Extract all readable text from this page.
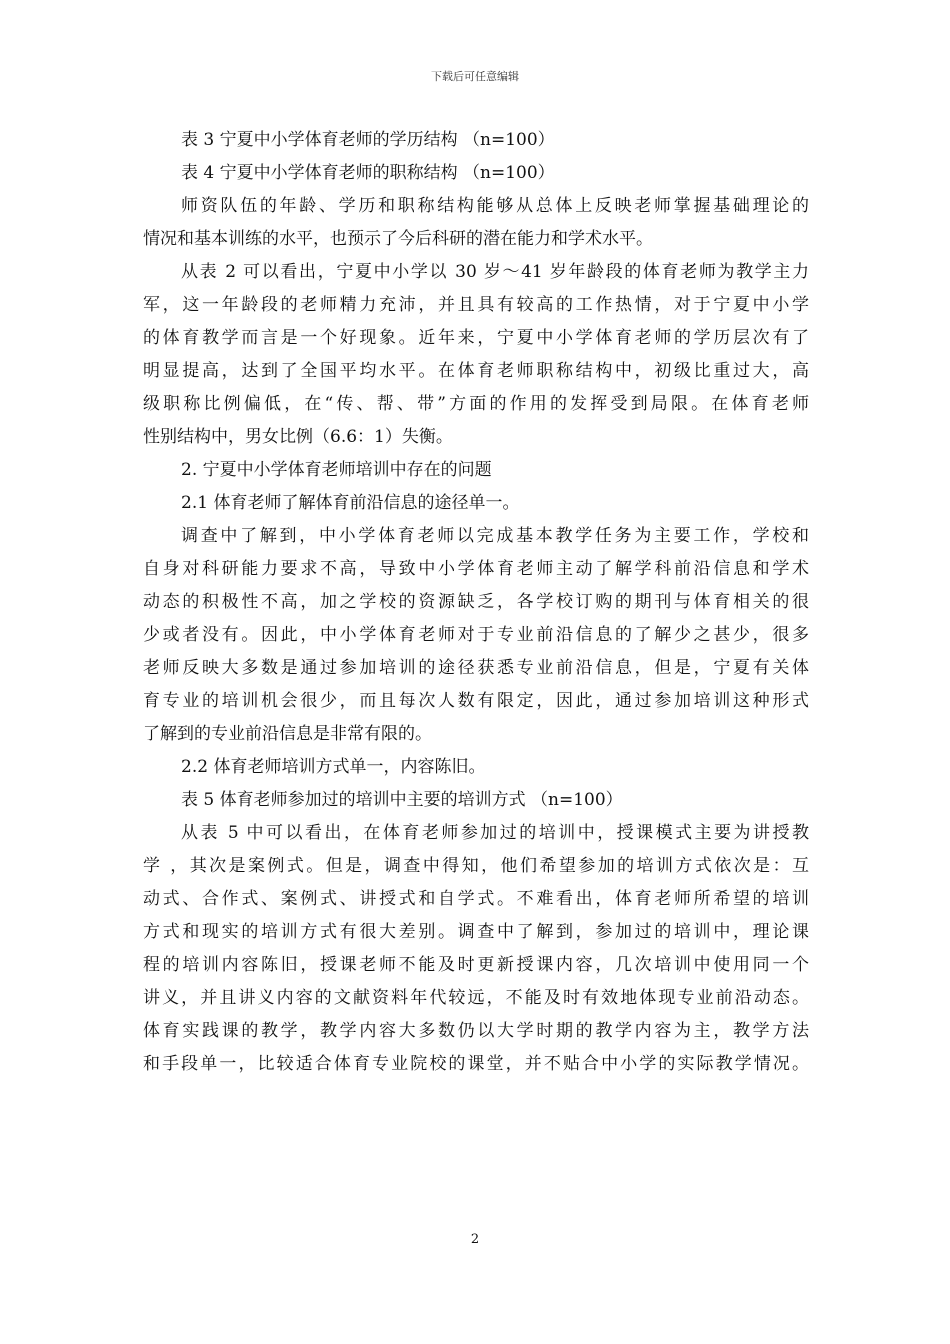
下载后可任意编辑
表 3 宁夏中小学体育老师的学历结构 （n=100）
表 4 宁夏中小学体育老师的职称结构 （n=100）
师资队伍的年龄、学历和职称结构能够从总体上反映老师掌握基础理论的
情况和基本训练的水平，也预示了今后科研的潜在能力和学术水平。
从表 2 可以看出，宁夏中小学以 30 岁～41 岁年龄段的体育老师为教学主力
军，这一年龄段的老师精力充沛，并且具有较高的工作热情，对于宁夏中小学
的体育教学而言是一个好现象。近年来，宁夏中小学体育老师的学历层次有了
明显提高，达到了全国平均水平。在体育老师职称结构中，初级比重过大，高
级职称比例偏低，在“传、帮、带”方面的作用的发挥受到局限。在体育老师
性别结构中，男女比例（6.6：1）失衡。
2. 宁夏中小学体育老师培训中存在的问题
2.1 体育老师了解体育前沿信息的途径单一。
调查中了解到，中小学体育老师以完成基本教学任务为主要工作，学校和
自身对科研能力要求不高，导致中小学体育老师主动了解学科前沿信息和学术
动态的积极性不高，加之学校的资源缺乏，各学校订购的期刊与体育相关的很
少或者没有。因此，中小学体育老师对于专业前沿信息的了解少之甚少，很多
老师反映大多数是通过参加培训的途径获悉专业前沿信息，但是，宁夏有关体
育专业的培训机会很少，而且每次人数有限定，因此，通过参加培训这种形式
了解到的专业前沿信息是非常有限的。
2.2 体育老师培训方式单一，内容陈旧。
表 5 体育老师参加过的培训中主要的培训方式 （n=100）
从表 5 中可以看出，在体育老师参加过的培训中，授课模式主要为讲授教
学 ，其次是案例式。但是，调查中得知，他们希望参加的培训方式依次是：互
动式、合作式、案例式、讲授式和自学式。不难看出，体育老师所希望的培训
方式和现实的培训方式有很大差别。调查中了解到，参加过的培训中，理论课
程的培训内容陈旧，授课老师不能及时更新授课内容，几次培训中使用同一个
讲义，并且讲义内容的文献资料年代较远，不能及时有效地体现专业前沿动态。
体育实践课的教学，教学内容大多数仍以大学时期的教学内容为主，教学方法
和手段单一，比较适合体育专业院校的课堂，并不贴合中小学的实际教学情况。
2
